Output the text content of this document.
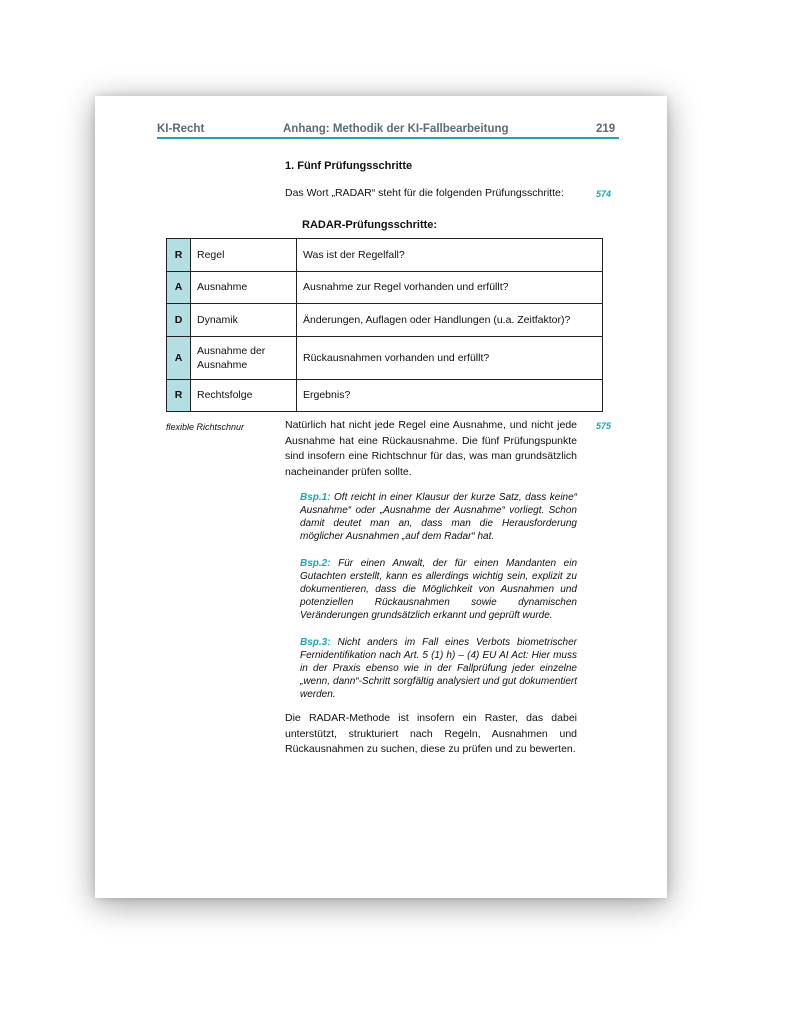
KI-Recht	Anhang: Methodik der KI-Fallbearbeitung	219
1. Fünf Prüfungsschritte
Das Wort „RADAR“ steht für die folgenden Prüfungsschritte:	574
RADAR-Prüfungsschritte:
R	Regel	Was ist der Regelfall?
A	Ausnahme	Ausnahme zur Regel vorhanden und erfüllt?
D	Dynamik	Änderungen, Auflagen oder Handlungen (u.a. Zeitfaktor)?
A	Ausnahme der Ausnahme	Rückausnahmen vorhanden und erfüllt?
R	Rechtsfolge	Ergebnis?
flexible Richtschnur	575
Natürlich hat nicht jede Regel eine Ausnahme, und nicht jede Ausnahme hat eine Rückausnahme. Die fünf Prüfungspunkte sind insofern eine Richtschnur für das, was man grundsätzlich nacheinander prüfen sollte.
Bsp.1: Oft reicht in einer Klausur der kurze Satz, dass keine“ Ausnahme“ oder „Ausnahme der Ausnahme“ vorliegt. Schon damit deutet man an, dass man die Herausforderung möglicher Ausnahmen „auf dem Radar“ hat.
Bsp.2: Für einen Anwalt, der für einen Mandanten ein Gutachten erstellt, kann es allerdings wichtig sein, explizit zu dokumentieren, dass die Möglichkeit von Ausnahmen und potenziellen Rückausnahmen sowie dynamischen Veränderungen grundsätzlich erkannt und geprüft wurde.
Bsp.3: Nicht anders im Fall eines Verbots biometrischer Fernidentifikation nach Art. 5 (1) h) – (4) EU AI Act: Hier muss in der Praxis ebenso wie in der Fallprüfung jeder einzelne „wenn, dann“-Schritt sorgfältig analysiert und gut dokumentiert werden.
Die RADAR-Methode ist insofern ein Raster, das dabei unterstützt, strukturiert nach Regeln, Ausnahmen und Rückausnahmen zu suchen, diese zu prüfen und zu bewerten.
